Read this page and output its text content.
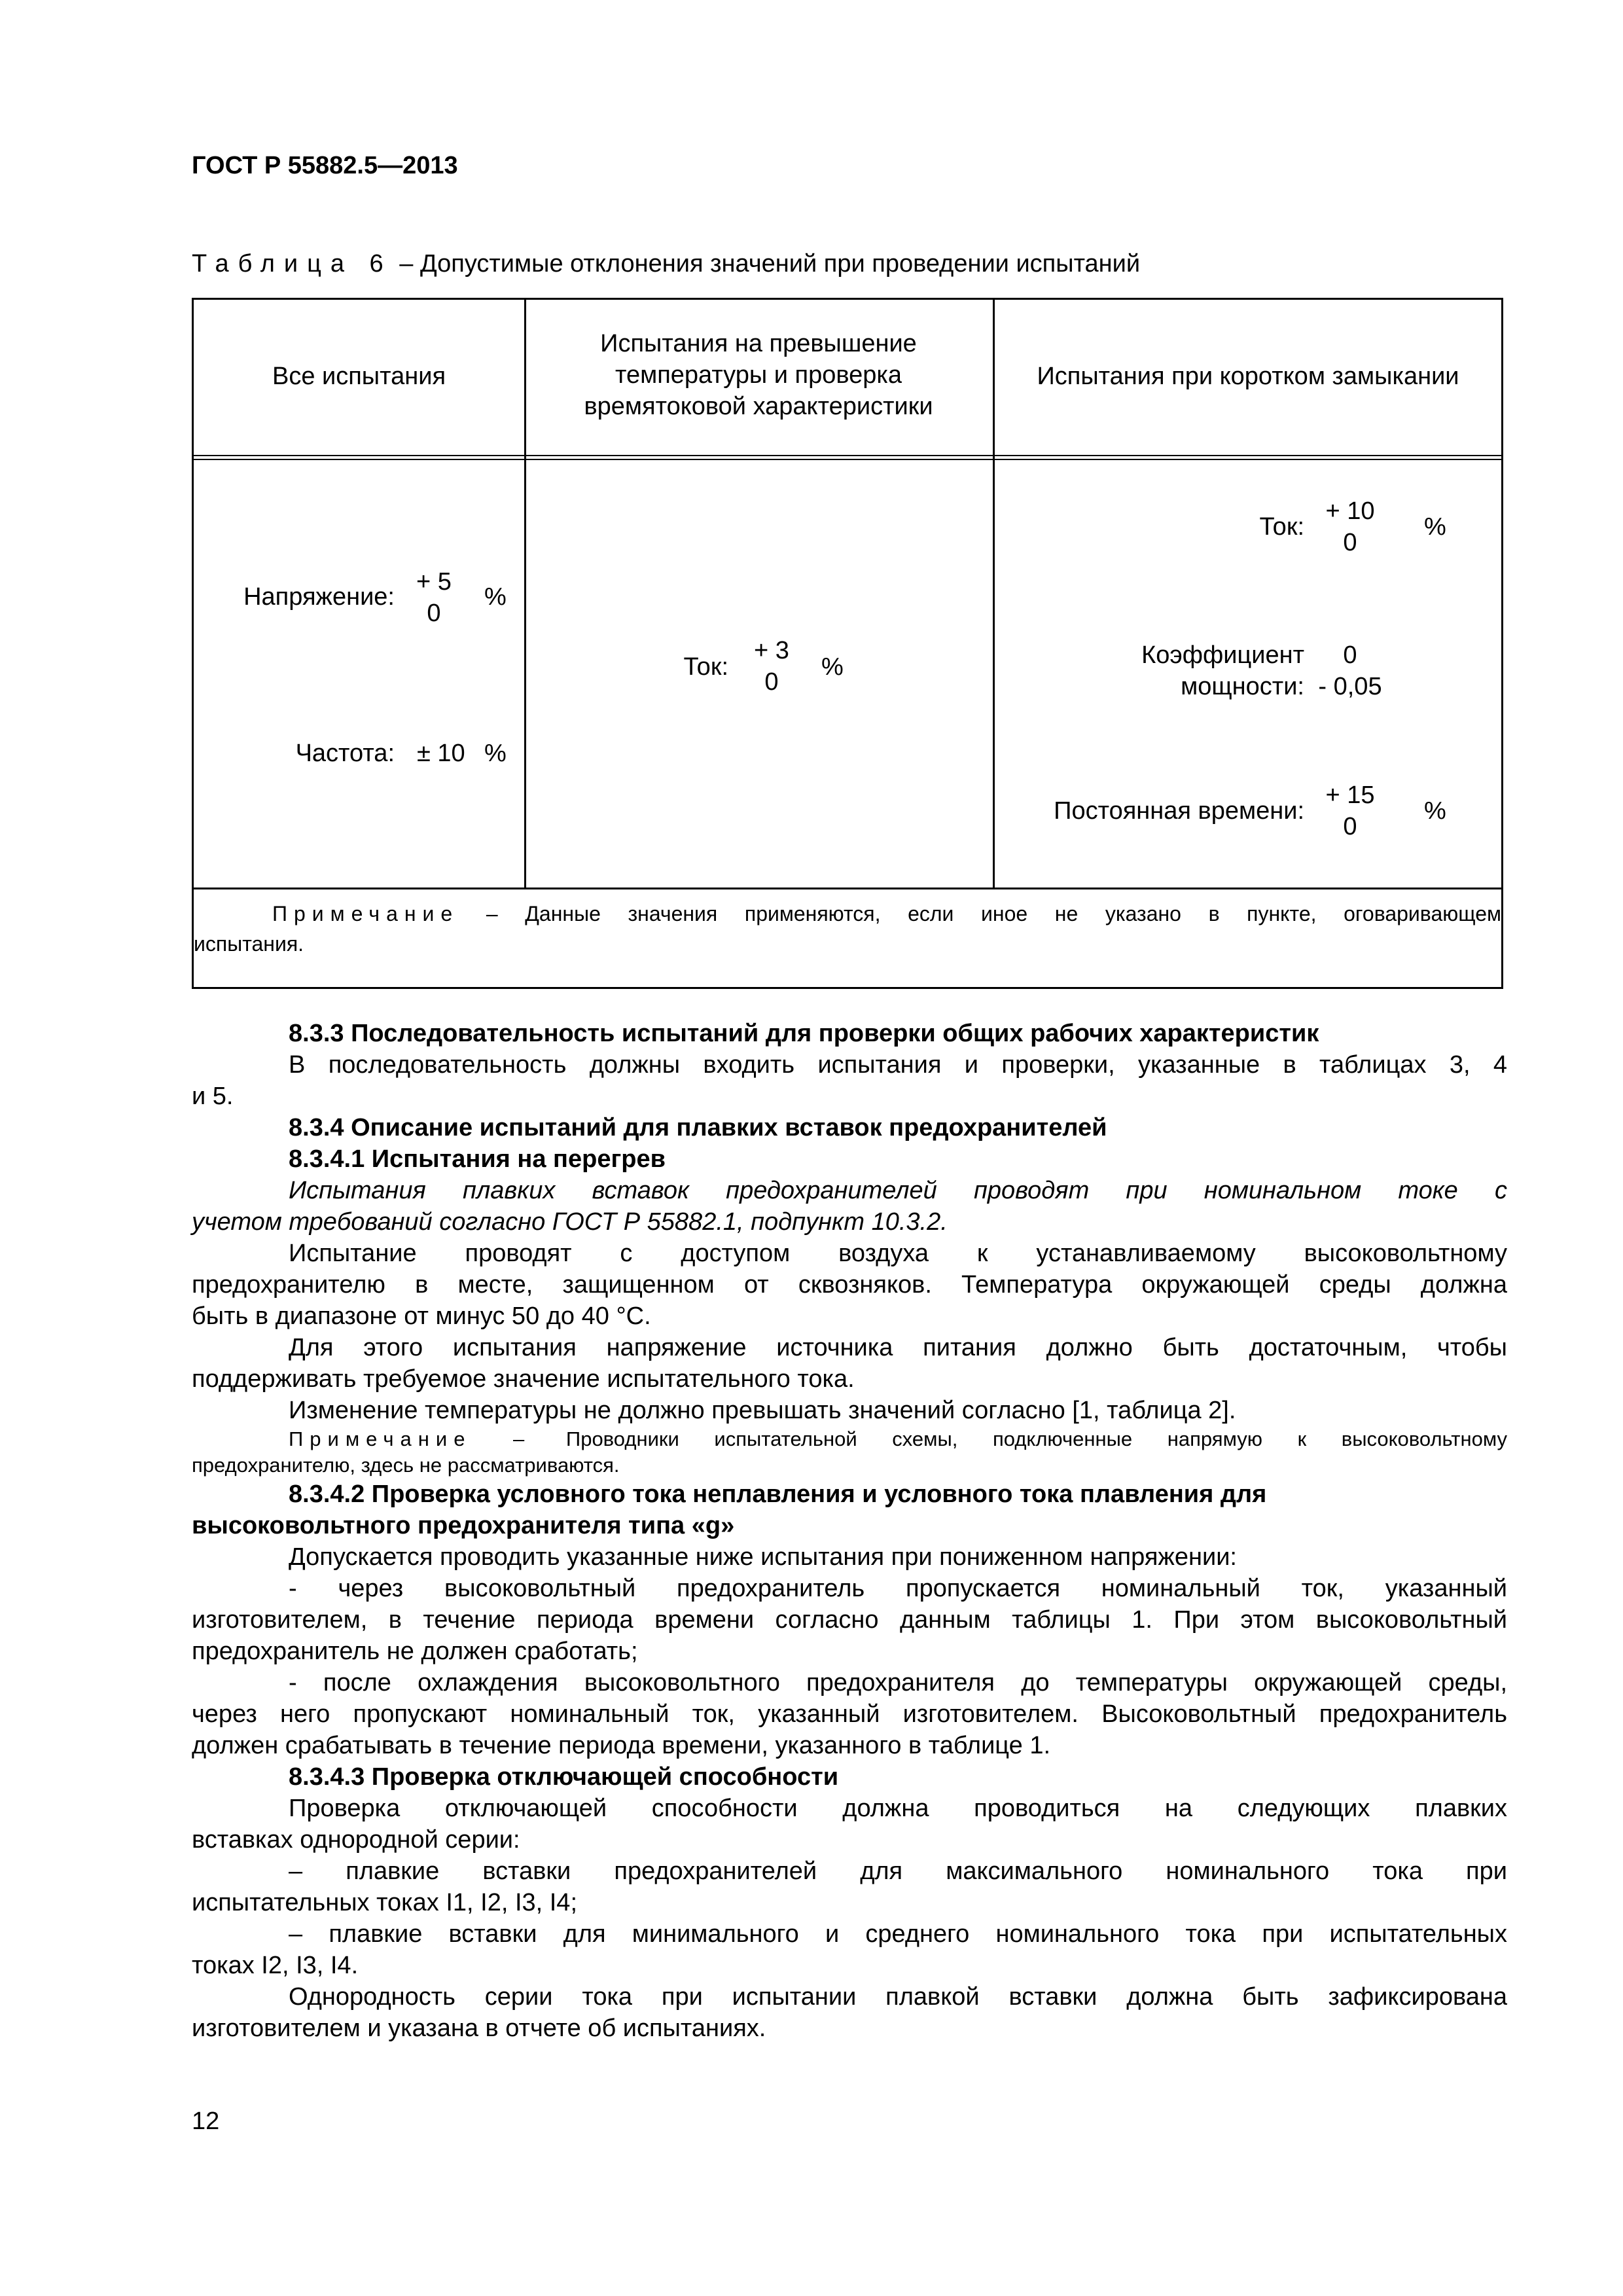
ГОСТ Р 55882.5—2013
Таблица 6 – Допустимые отклонения значений при проведении испытаний
Все испытания
Испытания на превышение температуры и проверка времятоковой характеристики
Испытания при коротком замыкании
Напряжение:
+ 5
0
%
Частота: ± 10 %
Ток:
+ 3
0
%
Ток:
+ 10
0
%
Коэффициент
мощности:
0
- 0,05
Постоянная времени:
+ 15
0
%
Примечание – Данные значения применяются, если иное не указано в пункте, оговаривающем
испытания.

8.3.3 Последовательность испытаний для проверки общих рабочих характеристик

В последовательность должны входить испытания и проверки, указанные в таблицах 3, 4

и 5.

8.3.4 Описание испытаний для плавких вставок предохранителей

8.3.4.1 Испытания на перегрев

Испытания плавких вставок предохранителей проводят при номинальном токе с

учетом требований согласно ГОСТ Р 55882.1, подпункт 10.3.2.

Испытание проводят с доступом воздуха к устанавливаемому высоковольтному

предохранителю в месте, защищенном от сквозняков. Температура окружающей среды должна

быть в диапазоне от минус 50 до 40 °С.

Для этого испытания напряжение источника питания должно быть достаточным, чтобы

поддерживать требуемое значение испытательного тока.

Изменение температуры не должно превышать значений согласно [1, таблица 2].

Примечание – Проводники испытательной схемы, подключенные напрямую к высоковольтному

предохранителю, здесь не рассматриваются.

8.3.4.2 Проверка условного тока неплавления и условного тока плавления для

высоковольтного предохранителя типа «g»

Допускается проводить указанные ниже испытания при пониженном напряжении:

- через высоковольтный предохранитель пропускается номинальный ток, указанный

изготовителем, в течение периода времени согласно данным таблицы 1. При этом высоковольтный

предохранитель не должен сработать;

- после охлаждения высоковольтного предохранителя до температуры окружающей среды,

через него пропускают номинальный ток, указанный изготовителем. Высоковольтный предохранитель

должен срабатывать в течение периода времени, указанного в таблице 1.

8.3.4.3 Проверка отключающей способности

Проверка отключающей способности должна проводиться на следующих плавких

вставках однородной серии:

– плавкие вставки предохранителей для максимального номинального тока при

испытательных токах I1, I2, I3, I4;

– плавкие вставки для минимального и среднего номинального тока при испытательных

токах I2, I3, I4.

Однородность серии тока при испытании плавкой вставки должна быть зафиксирована

изготовителем и указана в отчете об испытаниях.

12
